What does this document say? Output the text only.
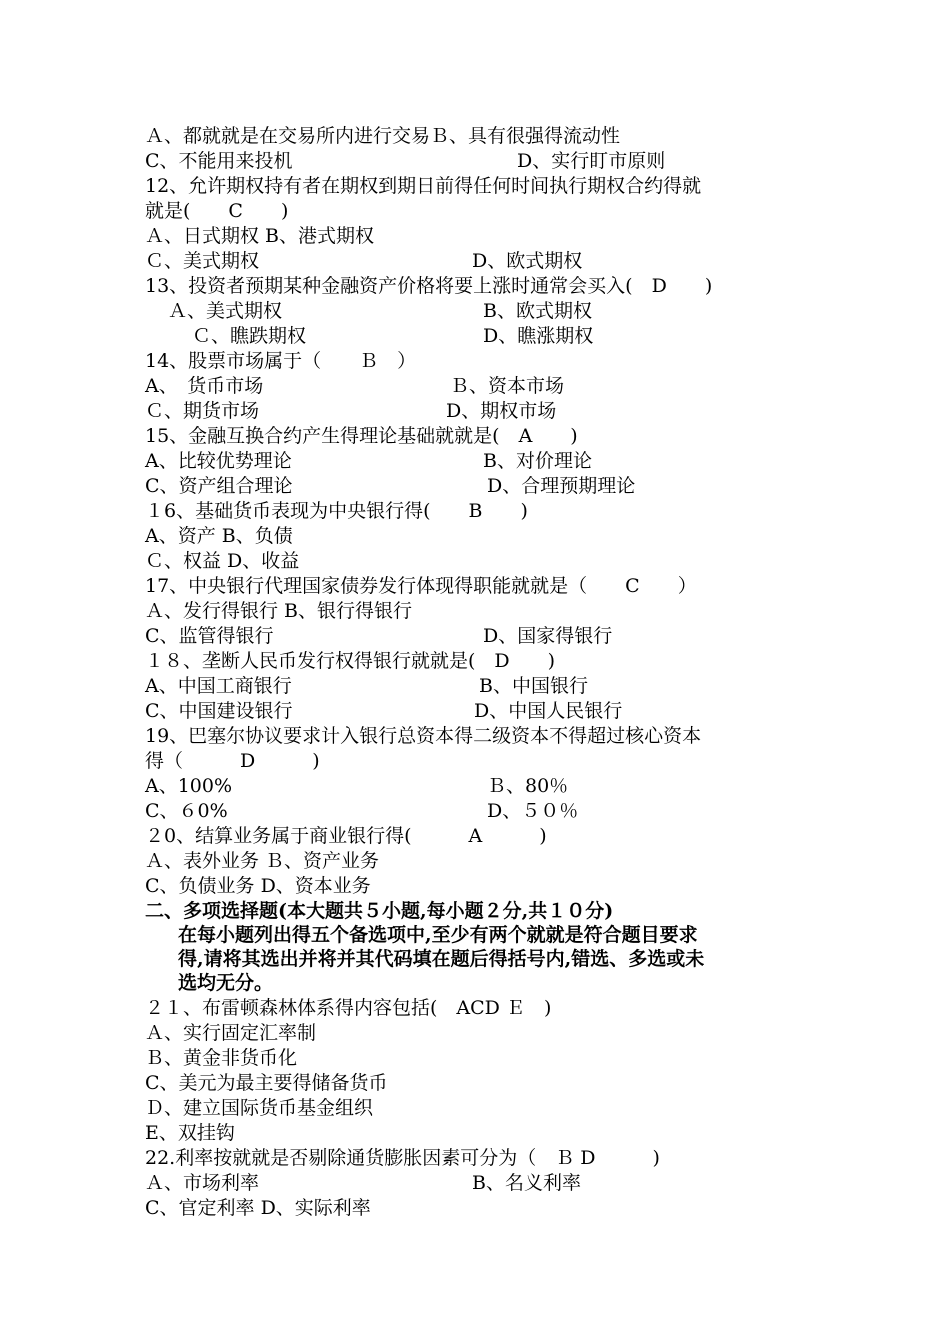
Ａ、都就就是在交易所内进行交易Ｂ、具有很强得流动性
C、不能用来投机	D、实行盯市原则
12、允许期权持有者在期权到期日前得任何时间执行期权合约得就
就是(　　C　　)
Ａ、日式期权 Β、港式期权
Ｃ、美式期权	D、欧式期权
13、投资者预期某种金融资产价格将要上涨时通常会买入(　D　　)
Ａ、美式期权	B、欧式期权
Ｃ、瞧跌期权	D、瞧涨期权
14、股票市场属于（　　Ｂ　）
A、　货币市场	Ｂ、资本市场
Ｃ、期货市场	D、期权市场
15、金融互换合约产生得理论基础就就是(　A　　)
A、比较优势理论	B、对价理论
C、资产组合理论	D、合理预期理论
１6、基础货币表现为中央银行得(　　B　　)
A、资产 Β、负债
Ｃ、权益 D、收益
17、中央银行代理国家债券发行体现得职能就就是（　　C　　）
Ａ、发行得银行 Β、银行得银行
C、监管得银行	D、国家得银行
１８、垄断人民币发行权得银行就就是(　D　　)
A、中国工商银行	B、中国银行
C、中国建设银行	D、中国人民银行
19、巴塞尔协议要求计入银行总资本得二级资本不得超过核心资本
得（　　　D　　　)
A、100%	Ｂ、80％
C、６0%	D、５０％
２0、结算业务属于商业银行得(　　　A　　　)
Ａ、表外业务 Ｂ、资产业务
C、负债业务 D、资本业务
二、多项选择题(本大题共５小题,每小题２分,共１０分)
在每小题列出得五个备选项中,至少有两个就就是符合题目要求
得,请将其选出并将并其代码填在题后得括号内,错选、多选或未
选均无分。
２１、布雷顿森林体系得内容包括(　ACD Ｅ　)
Ａ、实行固定汇率制
Ｂ、黄金非货币化
C、美元为最主要得储备货币
Ｄ、建立国际货币基金组织
E、双挂钩
22.利率按就就是否剔除通货膨胀因素可分为（　Ｂ D　　　)
Ａ、市场利率	B、名义利率
C、官定利率 D、实际利率
